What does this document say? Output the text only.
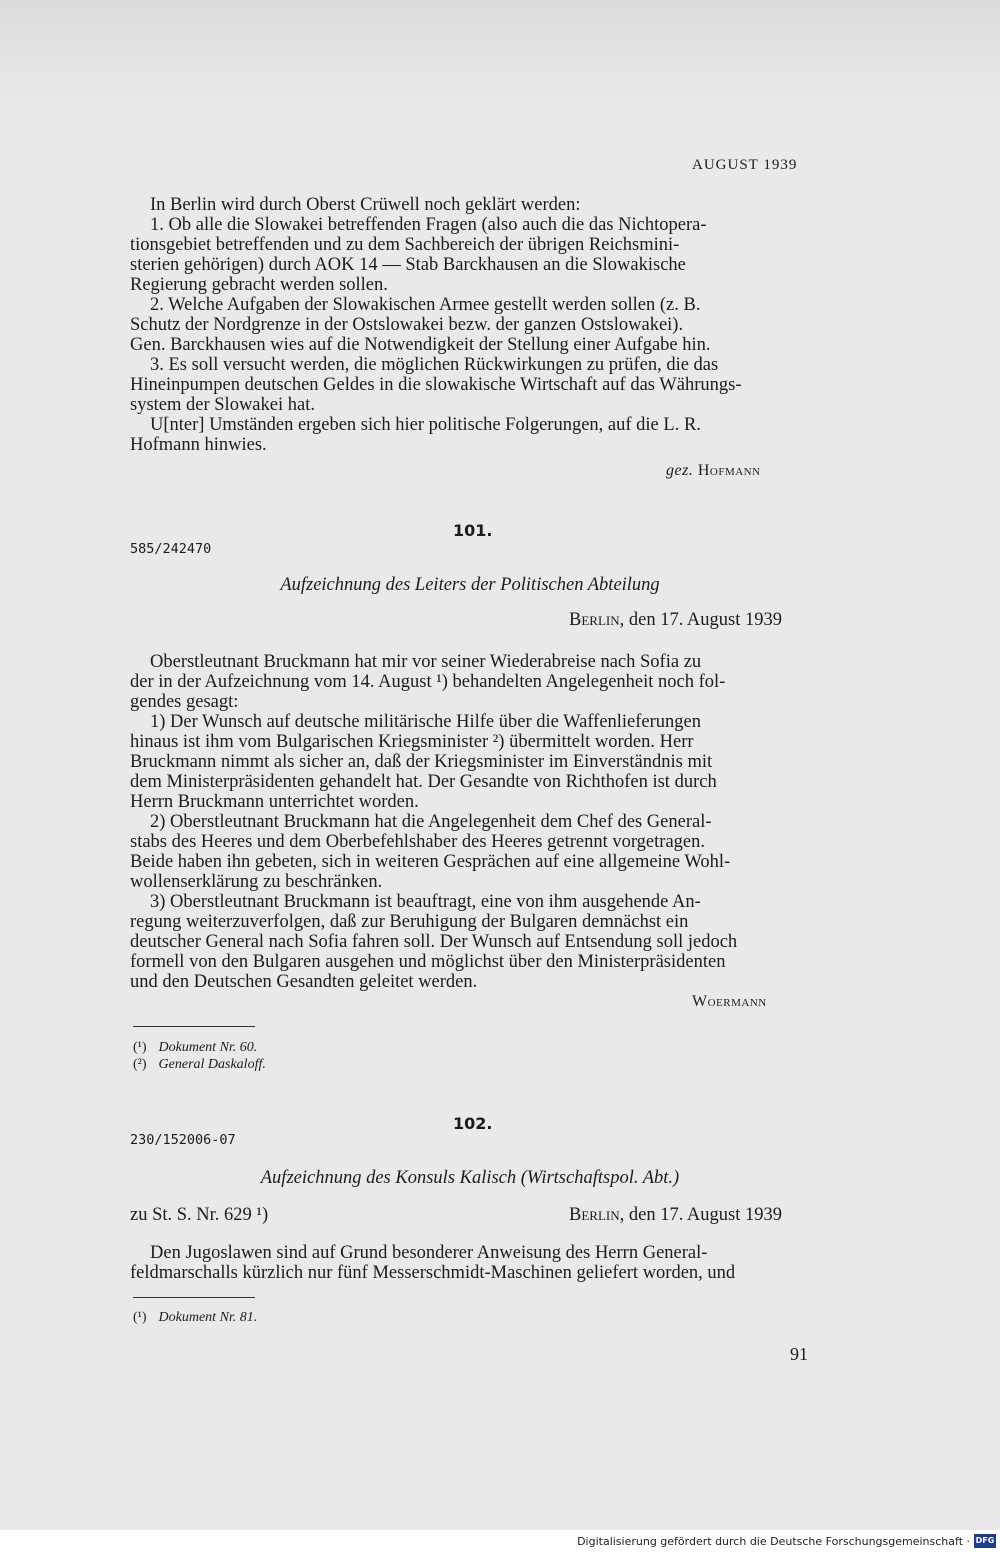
AUGUST 1939
In Berlin wird durch Oberst Crüwell noch geklärt werden:
1. Ob alle die Slowakei betreffenden Fragen (also auch die das Nichtopera-
tionsgebiet betreffenden und zu dem Sachbereich der übrigen Reichsmini-
sterien gehörigen) durch AOK 14 — Stab Barckhausen an die Slowakische
Regierung gebracht werden sollen.
2. Welche Aufgaben der Slowakischen Armee gestellt werden sollen (z. B.
Schutz der Nordgrenze in der Ostslowakei bezw. der ganzen Ostslowakei).
Gen. Barckhausen wies auf die Notwendigkeit der Stellung einer Aufgabe hin.
3. Es soll versucht werden, die möglichen Rückwirkungen zu prüfen, die das
Hineinpumpen deutschen Geldes in die slowakische Wirtschaft auf das Währungs-
system der Slowakei hat.
U[nter] Umständen ergeben sich hier politische Folgerungen, auf die L. R.
Hofmann hinwies.
gez. Hofmann
101.
585/242470
Aufzeichnung des Leiters der Politischen Abteilung
Berlin, den 17. August 1939
Oberstleutnant Bruckmann hat mir vor seiner Wiederabreise nach Sofia zu
der in der Aufzeichnung vom 14. August ¹) behandelten Angelegenheit noch fol-
gendes gesagt:
1) Der Wunsch auf deutsche militärische Hilfe über die Waffenlieferungen
hinaus ist ihm vom Bulgarischen Kriegsminister ²) übermittelt worden. Herr
Bruckmann nimmt als sicher an, daß der Kriegsminister im Einverständnis mit
dem Ministerpräsidenten gehandelt hat. Der Gesandte von Richthofen ist durch
Herrn Bruckmann unterrichtet worden.
2) Oberstleutnant Bruckmann hat die Angelegenheit dem Chef des General-
stabs des Heeres und dem Oberbefehlshaber des Heeres getrennt vorgetragen.
Beide haben ihn gebeten, sich in weiteren Gesprächen auf eine allgemeine Wohl-
wollenserklärung zu beschränken.
3) Oberstleutnant Bruckmann ist beauftragt, eine von ihm ausgehende An-
regung weiterzuverfolgen, daß zur Beruhigung der Bulgaren demnächst ein
deutscher General nach Sofia fahren soll. Der Wunsch auf Entsendung soll jedoch
formell von den Bulgaren ausgehen und möglichst über den Ministerpräsidenten
und den Deutschen Gesandten geleitet werden.
Woermann
(¹) Dokument Nr. 60.
(²) General Daskaloff.
102.
230/152006-07
Aufzeichnung des Konsuls Kalisch (Wirtschaftspol. Abt.)
zu St. S. Nr. 629 ¹)	Berlin, den 17. August 1939
Den Jugoslawen sind auf Grund besonderer Anweisung des Herrn General-
feldmarschalls kürzlich nur fünf Messerschmidt-Maschinen geliefert worden, und
(¹) Dokument Nr. 81.
91
Digitalisierung gefördert durch die Deutsche Forschungsgemeinschaft · DFG
